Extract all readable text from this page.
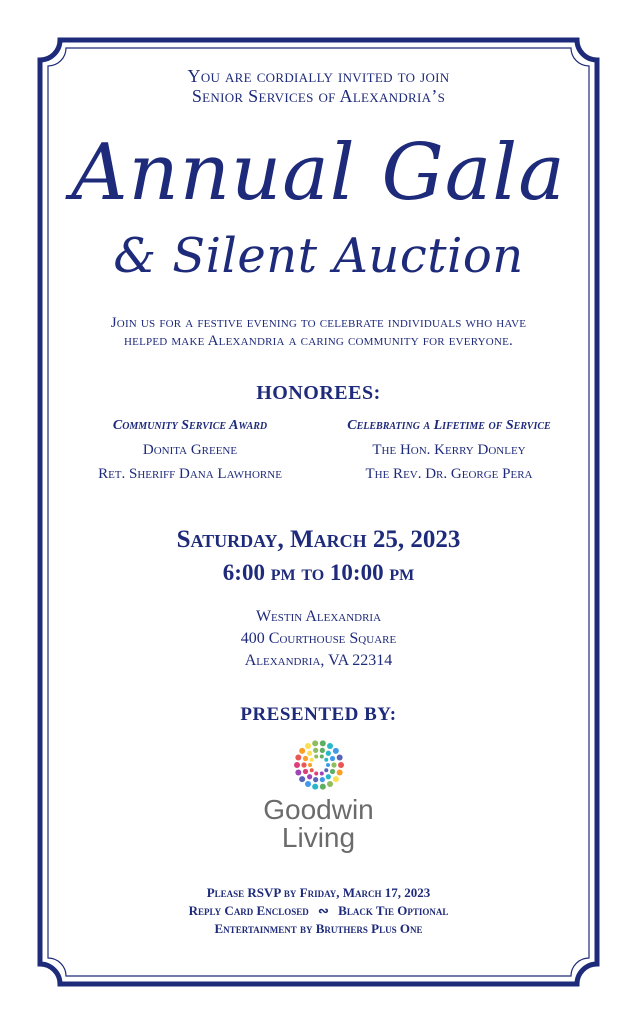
You are cordially invited to join
Senior Services of Alexandria’s
Annual Gala
& Silent Auction
Join us for a festive evening to celebrate individuals who have
helped make Alexandria a caring community for everyone.
HONOREES:
Community Service Award
Donita Greene
Ret. Sheriff Dana Lawhorne
Celebrating a Lifetime of Service
The Hon. Kerry Donley
The Rev. Dr. George Pera
Saturday, March 25, 2023
6:00 pm to 10:00 pm
Westin Alexandria
400 Courthouse Square
Alexandria, VA 22314
PRESENTED BY:
Goodwin
Living
Please RSVP by Friday, March 17, 2023
Reply Card Enclosed ∾ Black Tie Optional
Entertainment by Bruthers Plus One
